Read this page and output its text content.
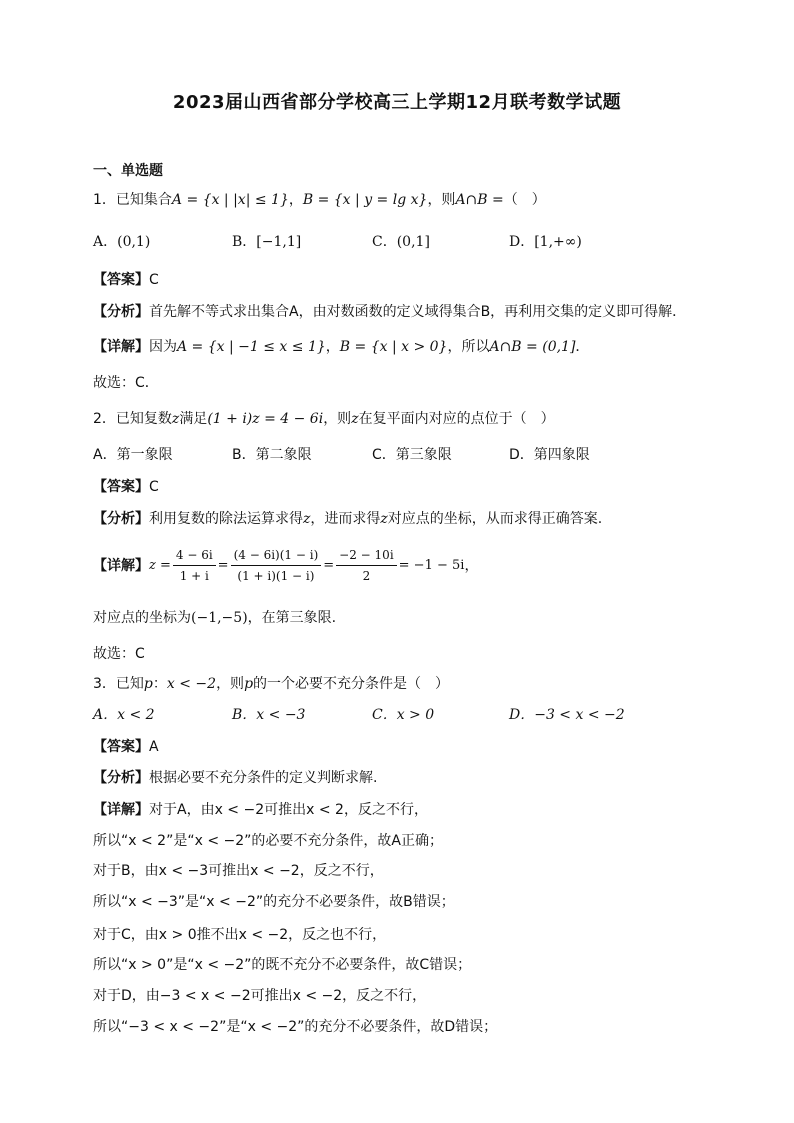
2023届山西省部分学校高三上学期12月联考数学试题
一、单选题
1．已知集合A = {x | |x| ≤ 1}，B = {x | y = lg x}，则A∩B =（　）
A．(0,1)	B．[−1,1]	C．(0,1]	D．[1,+∞)
【答案】C
【分析】首先解不等式求出集合A，由对数函数的定义域得集合B，再利用交集的定义即可得解．
【详解】因为A = {x | −1 ≤ x ≤ 1}，B = {x | x > 0}，所以A∩B = (0,1]．
故选：C．
2．已知复数z满足(1 + i)z = 4 − 6i，则z在复平面内对应的点位于（　）
A．第一象限	B．第二象限	C．第三象限	D．第四象限
【答案】C
【分析】利用复数的除法运算求得z，进而求得z对应点的坐标，从而求得正确答案.
【详解】 $z = \frac{4 - 6i}{1 + i} = \frac{(4 - 6i)(1 - i)}{(1 + i)(1 - i)} = \frac{-2 - 10i}{2} = -1 - 5i$ ，
对应点的坐标为(−1,−5)，在第三象限.
故选：C
3．已知p：x < −2，则p的一个必要不充分条件是（　）
A．x < 2	B．x < −3	C．x > 0	D．−3 < x < −2
【答案】A
【分析】根据必要不充分条件的定义判断求解.
【详解】对于A，由x < −2可推出x < 2，反之不行，
所以“x < 2”是“x < −2”的必要不充分条件，故A正确；
对于B，由x < −3可推出x < −2，反之不行，
所以“x < −3”是“x < −2”的充分不必要条件，故B错误；
对于C，由x > 0推不出x < −2，反之也不行，
所以“x > 0”是“x < −2”的既不充分不必要条件，故C错误；
对于D，由−3 < x < −2可推出x < −2，反之不行，
所以“−3 < x < −2”是“x < −2”的充分不必要条件，故D错误；
